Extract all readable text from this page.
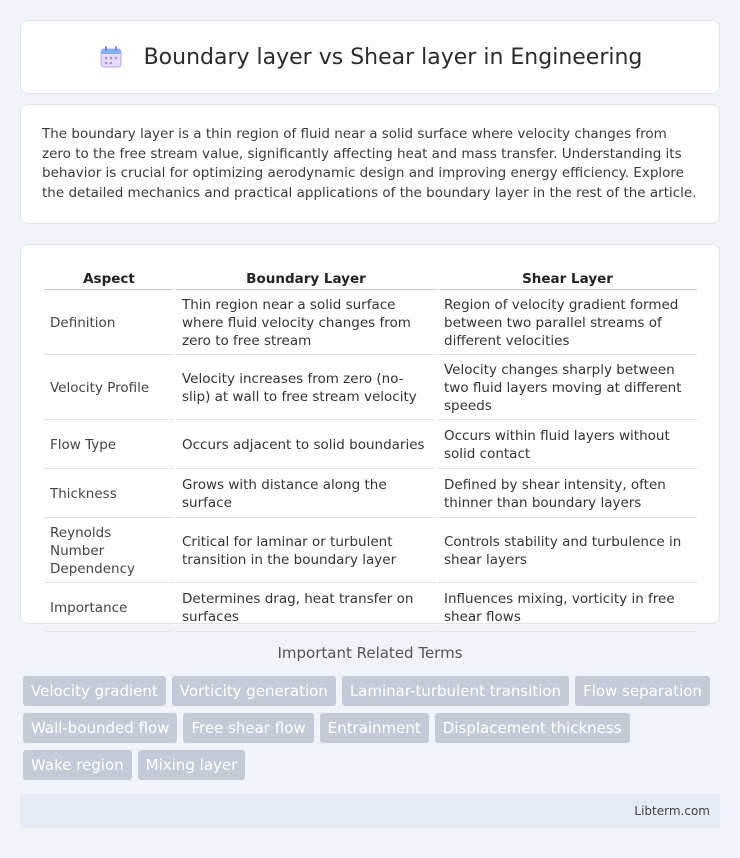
Boundary layer vs Shear layer in Engineering

The boundary layer is a thin region of fluid near a solid surface where velocity changes from zero to the free stream value, significantly affecting heat and mass transfer. Understanding its behavior is crucial for optimizing aerodynamic design and improving energy efficiency. Explore the detailed mechanics and practical applications of the boundary layer in the rest of the article.

Aspect	Boundary Layer	Shear Layer
Definition	Thin region near a solid surface where fluid velocity changes from zero to free stream	Region of velocity gradient formed between two parallel streams of different velocities
Velocity Profile	Velocity increases from zero (no-slip) at wall to free stream velocity	Velocity changes sharply between two fluid layers moving at different speeds
Flow Type	Occurs adjacent to solid boundaries	Occurs within fluid layers without solid contact
Thickness	Grows with distance along the surface	Defined by shear intensity, often thinner than boundary layers
Reynolds Number Dependency	Critical for laminar or turbulent transition in the boundary layer	Controls stability and turbulence in shear layers
Importance	Determines drag, heat transfer on surfaces	Influences mixing, vorticity in free shear flows
Important Related Terms
Velocity gradient	Vorticity generation	Laminar-turbulent transition	Flow separation
Wall-bounded flow	Free shear flow	Entrainment	Displacement thickness
Wake region	Mixing layer
Libterm.com
